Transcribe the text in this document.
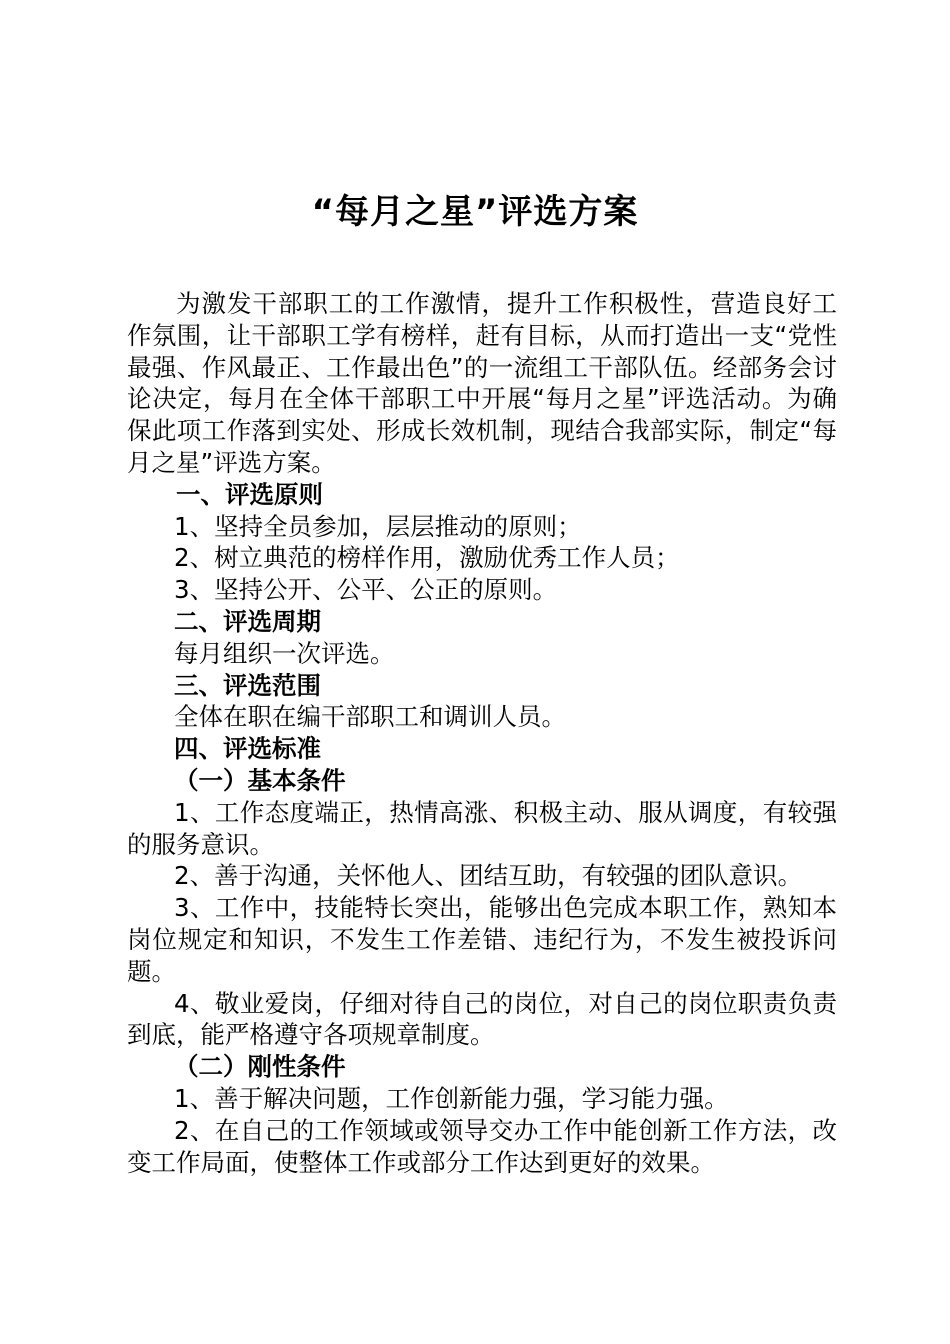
“每月之星”评选方案

为激发干部职工的工作激情，提升工作积极性，营造良好工作氛围，让干部职工学有榜样，赶有目标，从而打造出一支“党性最强、作风最正、工作最出色”的一流组工干部队伍。经部务会讨论决定，每月在全体干部职工中开展“每月之星”评选活动。为确保此项工作落到实处、形成长效机制，现结合我部实际，制定“每月之星”评选方案。

一、评选原则

1、坚持全员参加，层层推动的原则；

2、树立典范的榜样作用，激励优秀工作人员；

3、坚持公开、公平、公正的原则。

二、评选周期

每月组织一次评选。

三、评选范围

全体在职在编干部职工和调训人员。

四、评选标准

（一）基本条件

1、工作态度端正，热情高涨、积极主动、服从调度，有较强的服务意识。

2、善于沟通，关怀他人、团结互助，有较强的团队意识。

3、工作中，技能特长突出，能够出色完成本职工作，熟知本岗位规定和知识，不发生工作差错、违纪行为，不发生被投诉问题。

4、敬业爱岗，仔细对待自己的岗位，对自己的岗位职责负责到底，能严格遵守各项规章制度。

（二）刚性条件

1、善于解决问题，工作创新能力强，学习能力强。

2、在自己的工作领域或领导交办工作中能创新工作方法，改变工作局面，使整体工作或部分工作达到更好的效果。
